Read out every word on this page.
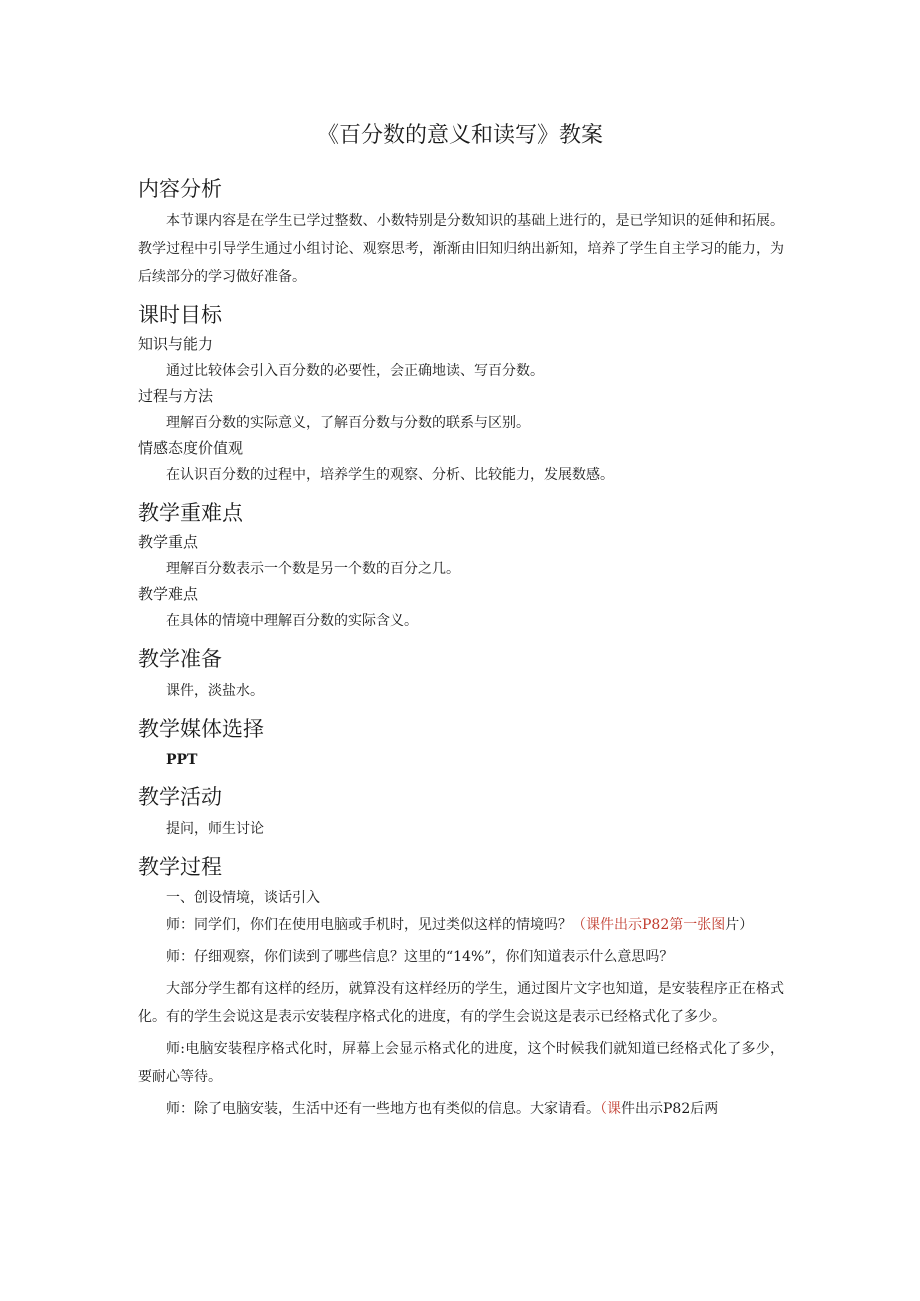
《百分数的意义和读写》教案
内容分析

本节课内容是在学生已学过整数、小数特别是分数知识的基础上进行的，是已学知识的延伸和拓展。教学过程中引导学生通过小组讨论、观察思考，渐渐由旧知归纳出新知，培养了学生自主学习的能力，为后续部分的学习做好准备。

课时目标
知识与能力

通过比较体会引入百分数的必要性，会正确地读、写百分数。

过程与方法

理解百分数的实际意义，了解百分数与分数的联系与区别。

情感态度价值观

在认识百分数的过程中，培养学生的观察、分析、比较能力，发展数感。

教学重难点
教学重点

理解百分数表示一个数是另一个数的百分之几。

教学难点

在具体的情境中理解百分数的实际含义。

教学准备

课件，淡盐水。

教学媒体选择

PPT

教学活动

提问，师生讨论

教学过程

一、创设情境，谈话引入

师：同学们，你们在使用电脑或手机时，见过类似这样的情境吗？（课件出示P82第一张图片）

师：仔细观察，你们读到了哪些信息？这里的“14%”，你们知道表示什么意思吗？

大部分学生都有这样的经历，就算没有这样经历的学生，通过图片文字也知道，是安装程序正在格式化。有的学生会说这是表示安装程序格式化的进度，有的学生会说这是表示已经格式化了多少。

师:电脑安装程序格式化时，屏幕上会显示格式化的进度，这个时候我们就知道已经格式化了多少，要耐心等待。

师：除了电脑安装，生活中还有一些地方也有类似的信息。大家请看。（课件出示P82后两
